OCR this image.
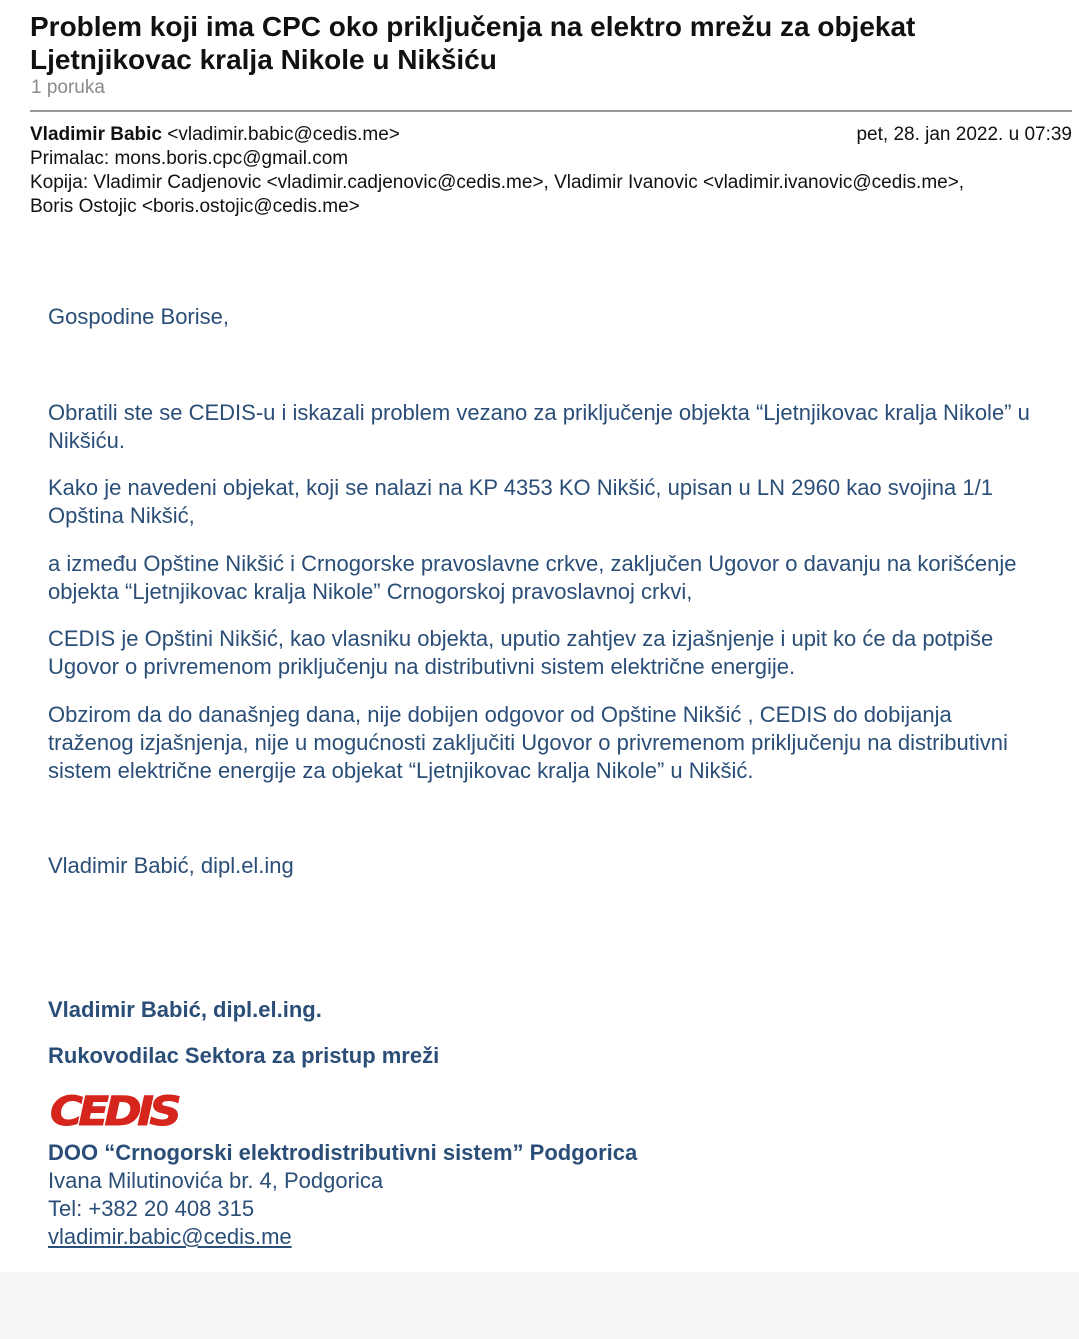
Problem koji ima CPC oko priključenja na elektro mrežu za objekat Ljetnjikovac kralja Nikole u Nikšiću
1 poruka
Vladimir Babic <vladimir.babic@cedis.me>	pet, 28. jan 2022. u 07:39
Primalac: mons.boris.cpc@gmail.com
Kopija: Vladimir Cadjenovic <vladimir.cadjenovic@cedis.me>, Vladimir Ivanovic <vladimir.ivanovic@cedis.me>,
Boris Ostojic <boris.ostojic@cedis.me>
Gospodine Borise,
Obratili ste se CEDIS-u i iskazali problem vezano za priključenje objekta “Ljetnjikovac kralja Nikole” u Nikšiću.
Kako je navedeni objekat, koji se nalazi na KP 4353 KO Nikšić, upisan u LN 2960 kao svojina 1/1 Opština Nikšić,
a između Opštine Nikšić i Crnogorske pravoslavne crkve, zaključen Ugovor o davanju na korišćenje objekta “Ljetnjikovac kralja Nikole” Crnogorskoj pravoslavnoj crkvi,
CEDIS je Opštini Nikšić, kao vlasniku objekta, uputio zahtjev za izjašnjenje i upit ko će da potpiše Ugovor o privremenom priključenju na distributivni sistem električne energije.
Obzirom da do današnjeg dana, nije dobijen odgovor od Opštine Nikšić , CEDIS do dobijanja traženog izjašnjenja, nije u mogućnosti zaključiti Ugovor o privremenom priključenju na distributivni sistem električne energije za objekat “Ljetnjikovac kralja Nikole” u Nikšić.
Vladimir Babić, dipl.el.ing
Vladimir Babić, dipl.el.ing.
Rukovodilac Sektora za pristup mreži
CEDIS
DOO “Crnogorski elektrodistributivni sistem” Podgorica
Ivana Milutinovića br. 4, Podgorica
Tel: +382 20 408 315
vladimir.babic@cedis.me
